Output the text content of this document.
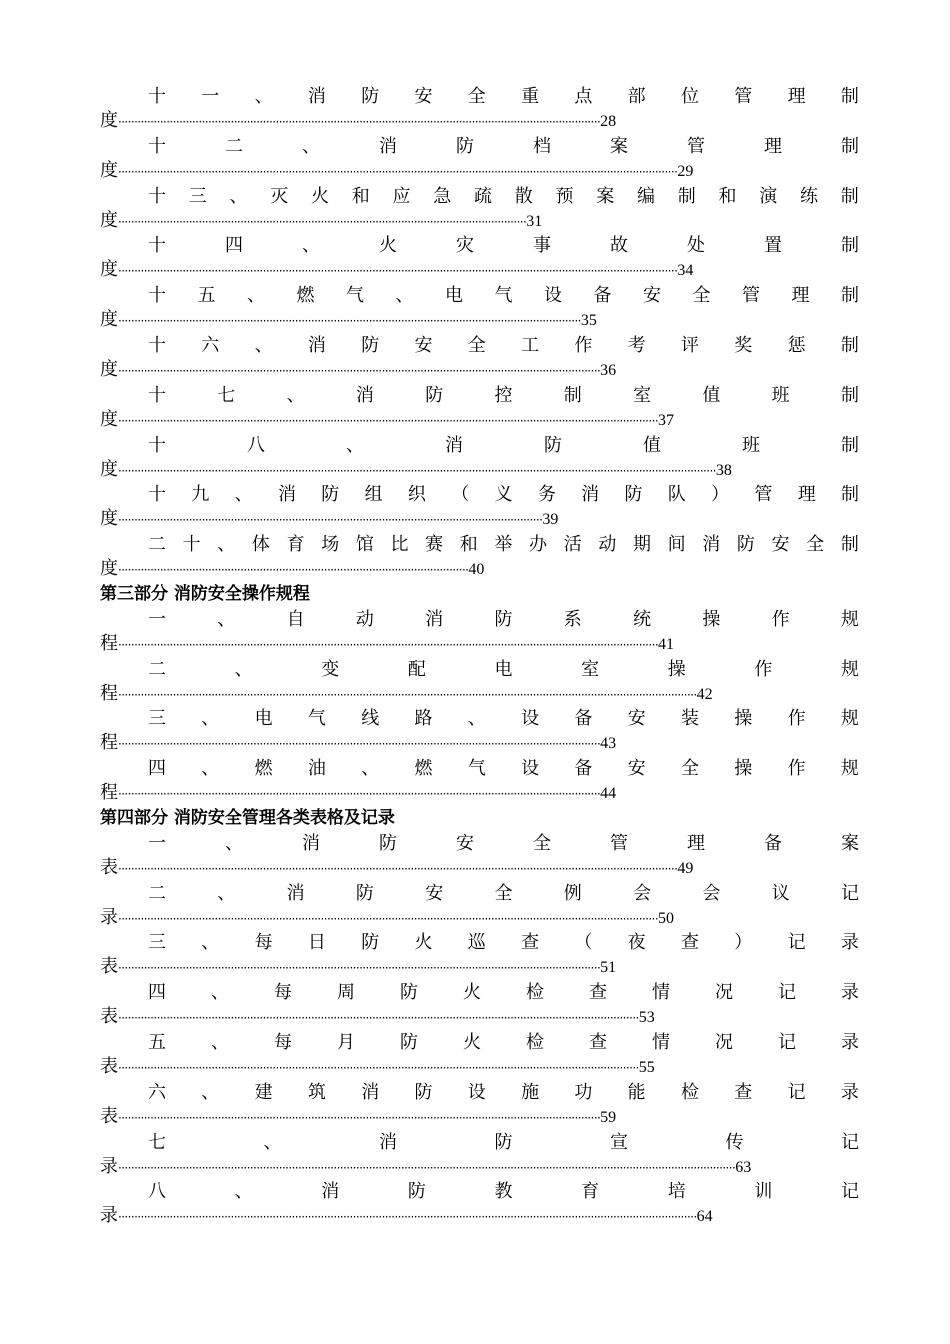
十 一 、 消 防 安 全 重 点 部 位 管 理 制
度······················································································································································28
十	二	、	消	防	档	案	管	理	制
度··············································································································································································29
十 三 、 灭 火 和 应 急 疏 散 预 案 编 制 和 演 练 制
度·······························································································································31
十	四	、	火	灾	事	故	处	置	制
度··············································································································································································34
十 五 、 燃 气 、 电 气 设 备 安 全 管 理 制
度················································································································································35
十 六 、 消 防 安 全 工 作 考 评 奖 惩 制
度······················································································································································36
十	七	、	消	防	控	制	室	值	班	制
度········································································································································································37
十	八	、	消	防	值	班	制
度··························································································································································································38
十 九 、 消 防 组 织 （ 义 务 消 防 队 ） 管 理 制
度····································································································································39
二 十 、 体 育 场 馆 比 赛 和 举 办 活 动 期 间 消 防 安 全 制
度·············································································································40
第三部分 消防安全操作规程
一	、	自	动	消	防	系	统	操	作	规
程········································································································································································41
二	、	变	配	电	室	操	作	规
程····················································································································································································42
三 、 电 气 线 路 、 设 备 安 装 操 作 规
程······················································································································································43
四 、 燃 油 、 燃 气 设 备 安 全 操 作 规
程······················································································································································44
第四部分 消防安全管理各类表格及记录
一	、	消	防	安	全	管	理	备	案
表··············································································································································································49
二	、	消	防	安	全	例	会	会	议	记
录········································································································································································50
三 、 每 日 防 火 巡 查 （ 夜 查 ） 记 录
表······················································································································································51
四	、	每	周	防	火	检	查	情	况	记	录
表··································································································································································53
五	、	每	月	防	火	检	查	情	况	记	录
表··································································································································································55
六 、 建 筑 消 防 设 施 功 能 检 查 记 录
表······················································································································································59
七	、	消	防	宣	传	记
录································································································································································································63
八	、	消	防	教	育	培	训	记
录····················································································································································································64
